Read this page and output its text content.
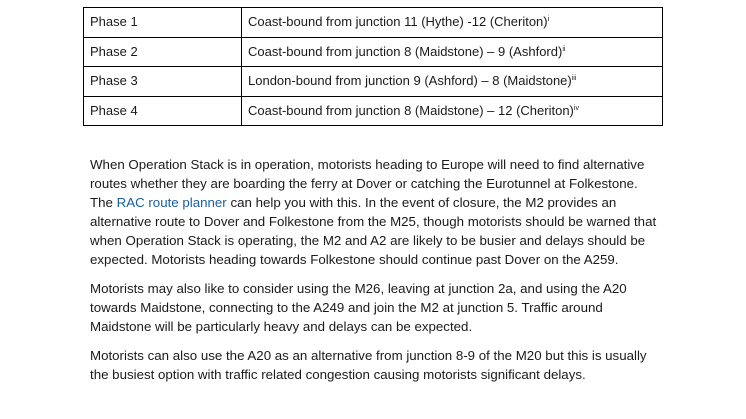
Phase 1	Coast-bound from junction 11 (Hythe) -12 (Cheriton)$^i$
Phase 2	Coast-bound from junction 8 (Maidstone) – 9 (Ashford)$^{ii}$
Phase 3	London-bound from junction 9 (Ashford) – 8 (Maidstone)$^{iii}$
Phase 4	Coast-bound from junction 8 (Maidstone) – 12 (Cheriton)$^{iv}$

When Operation Stack is in operation, motorists heading to Europe will need to find alternative routes whether they are boarding the ferry at Dover or catching the Eurotunnel at Folkestone. The RAC route planner can help you with this. In the event of closure, the M2 provides an alternative route to Dover and Folkestone from the M25, though motorists should be warned that when Operation Stack is operating, the M2 and A2 are likely to be busier and delays should be expected. Motorists heading towards Folkestone should continue past Dover on the A259.

Motorists may also like to consider using the M26, leaving at junction 2a, and using the A20 towards Maidstone, connecting to the A249 and join the M2 at junction 5. Traffic around Maidstone will be particularly heavy and delays can be expected.

Motorists can also use the A20 as an alternative from junction 8-9 of the M20 but this is usually the busiest option with traffic related congestion causing motorists significant delays.
